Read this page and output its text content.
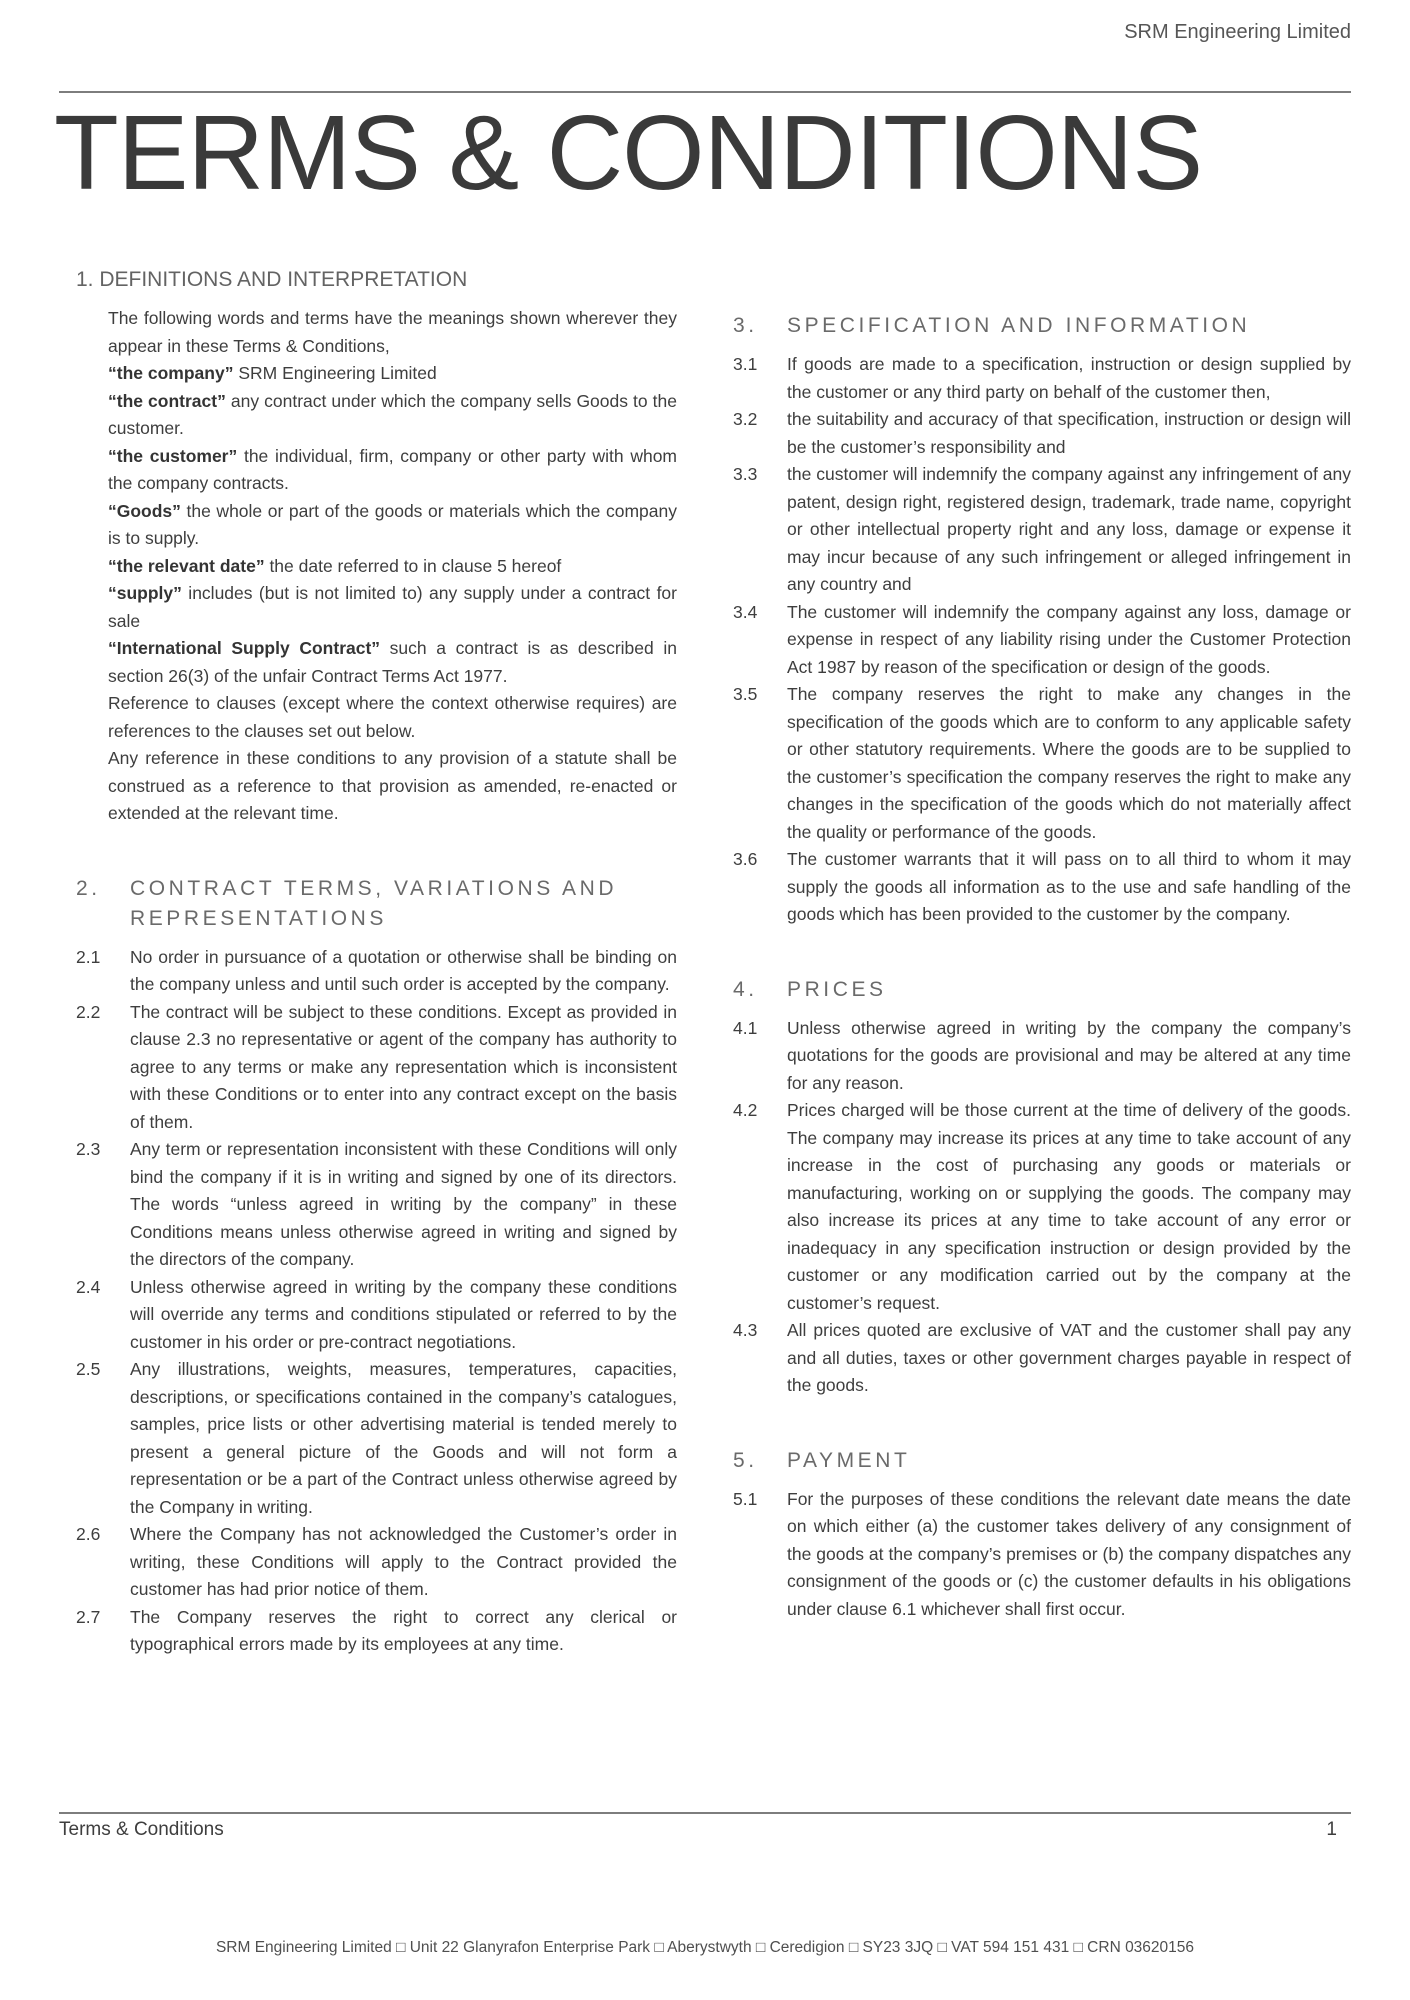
SRM Engineering Limited
TERMS & CONDITIONS
1. DEFINITIONS AND INTERPRETATION

The following words and terms have the meanings shown wherever they appear in these Terms & Conditions,

“the company” SRM Engineering Limited

“the contract” any contract under which the company sells Goods to the customer.

“the customer” the individual, firm, company or other party with whom the company contracts.

“Goods” the whole or part of the goods or materials which the company is to supply.

“the relevant date” the date referred to in clause 5 hereof

“supply” includes (but is not limited to) any supply under a contract for sale

“International Supply Contract” such a contract is as described in section 26(3) of the unfair Contract Terms Act 1977.

Reference to clauses (except where the context otherwise requires) are references to the clauses set out below.

Any reference in these conditions to any provision of a statute shall be construed as a reference to that provision as amended, re-enacted or extended at the relevant time.

2.	CONTRACT TERMS, VARIATIONS AND REPRESENTATIONS
2.1	No order in pursuance of a quotation or otherwise shall be binding on the company unless and until such order is accepted by the company.

2.2	The contract will be subject to these conditions. Except as provided in clause 2.3 no representative or agent of the company has authority to agree to any terms or make any representation which is inconsistent with these Conditions or to enter into any contract except on the basis of them.

2.3	Any term or representation inconsistent with these Conditions will only bind the company if it is in writing and signed by one of its directors. The words “unless agreed in writing by the company” in these Conditions means unless otherwise agreed in writing and signed by the directors of the company.

2.4	Unless otherwise agreed in writing by the company these conditions will override any terms and conditions stipulated or referred to by the customer in his order or pre-contract negotiations.

2.5	Any illustrations, weights, measures, temperatures, capacities, descriptions, or specifications contained in the company’s catalogues, samples, price lists or other advertising material is tended merely to present a general picture of the Goods and will not form a representation or be a part of the Contract unless otherwise agreed by the Company in writing.

2.6	Where the Company has not acknowledged the Customer’s order in writing, these Conditions will apply to the Contract provided the customer has had prior notice of them.

2.7	The Company reserves the right to correct any clerical or typographical errors made by its employees at any time.

3.	SPECIFICATION AND INFORMATION
3.1	If goods are made to a specification, instruction or design supplied by the customer or any third party on behalf of the customer then,

3.2	the suitability and accuracy of that specification, instruction or design will be the customer’s responsibility and

3.3	the customer will indemnify the company against any infringement of any patent, design right, registered design, trademark, trade name, copyright or other intellectual property right and any loss, damage or expense it may incur because of any such infringement or alleged infringement in any country and

3.4	The customer will indemnify the company against any loss, damage or expense in respect of any liability rising under the Customer Protection Act 1987 by reason of the specification or design of the goods.

3.5	The company reserves the right to make any changes in the specification of the goods which are to conform to any applicable safety or other statutory requirements. Where the goods are to be supplied to the customer’s specification the company reserves the right to make any changes in the specification of the goods which do not materially affect the quality or performance of the goods.

3.6	The customer warrants that it will pass on to all third to whom it may supply the goods all information as to the use and safe handling of the goods which has been provided to the customer by the company.

4.	PRICES
4.1	Unless otherwise agreed in writing by the company the company’s quotations for the goods are provisional and may be altered at any time for any reason.

4.2	Prices charged will be those current at the time of delivery of the goods. The company may increase its prices at any time to take account of any increase in the cost of purchasing any goods or materials or manufacturing, working on or supplying the goods. The company may also increase its prices at any time to take account of any error or inadequacy in any specification instruction or design provided by the customer or any modification carried out by the company at the customer’s request.

4.3	All prices quoted are exclusive of VAT and the customer shall pay any and all duties, taxes or other government charges payable in respect of the goods.

5.	PAYMENT
5.1	For the purposes of these conditions the relevant date means the date on which either (a) the customer takes delivery of any consignment of the goods at the company’s premises or (b) the company dispatches any consignment of the goods or (c) the customer defaults in his obligations under clause 6.1 whichever shall first occur.

Terms & Conditions	1
SRM Engineering Limited □ Unit 22 Glanyrafon Enterprise Park □ Aberystwyth □ Ceredigion □ SY23 3JQ □ VAT 594 151 431 □ CRN 03620156
